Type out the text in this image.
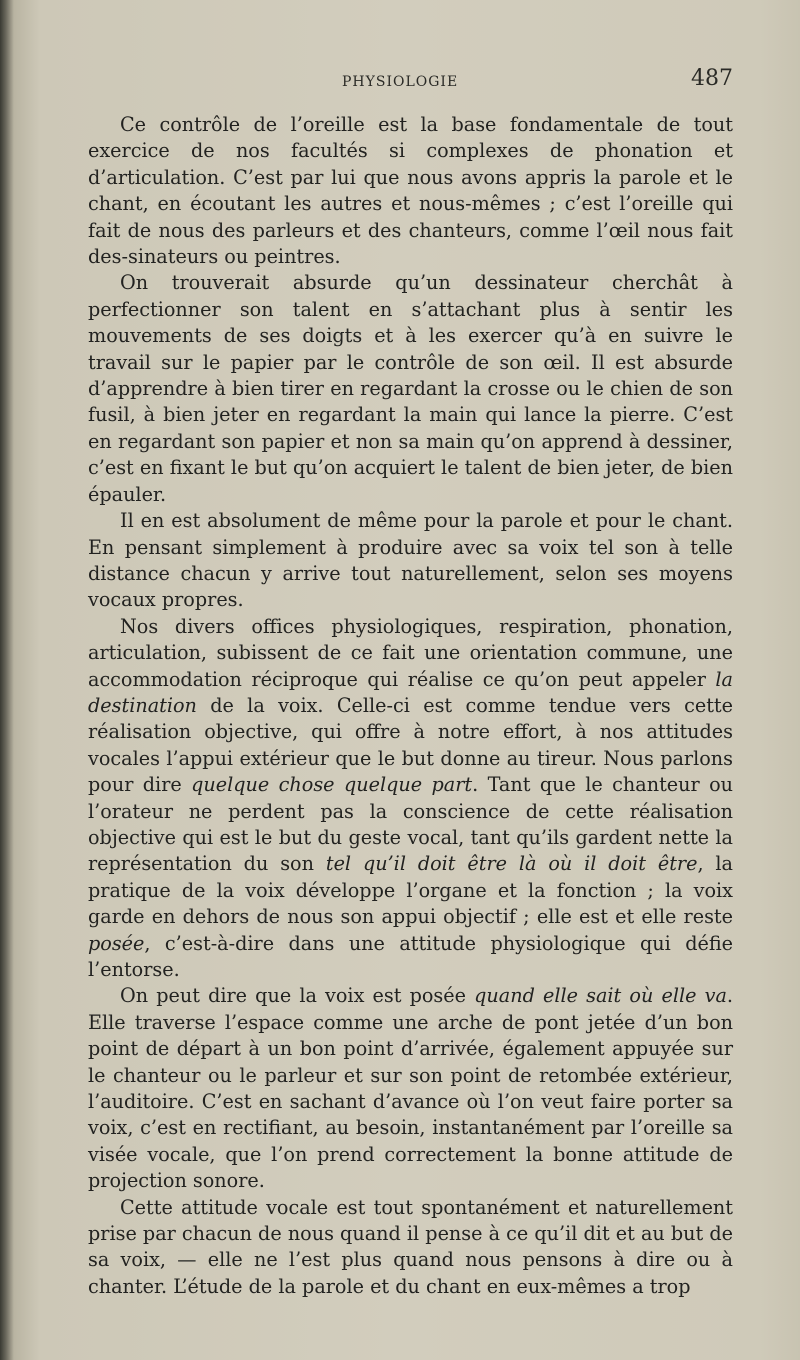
PHYSIOLOGIE	487

Ce contrôle de l’oreille est la base fondamentale de tout exercice de nos facultés si complexes de phonation et d’articulation. C’est par lui que nous avons appris la parole et le chant, en écoutant les autres et nous-mêmes ; c’est l’oreille qui fait de nous des parleurs et des chanteurs, comme l’œil nous fait des-sinateurs ou peintres.

On trouverait absurde qu’un dessinateur cherchât à perfectionner son talent en s’attachant plus à sentir les mouvements de ses doigts et à les exercer qu’à en suivre le travail sur le papier par le contrôle de son œil. Il est absurde d’apprendre à bien tirer en regardant la crosse ou le chien de son fusil, à bien jeter en regardant la main qui lance la pierre. C’est en regardant son papier et non sa main qu’on apprend à dessiner, c’est en fixant le but qu’on acquiert le talent de bien jeter, de bien épauler.

Il en est absolument de même pour la parole et pour le chant. En pensant simplement à produire avec sa voix tel son à telle distance chacun y arrive tout naturellement, selon ses moyens vocaux propres.

Nos divers offices physiologiques, respiration, phonation, articulation, subissent de ce fait une orientation commune, une accommodation réciproque qui réalise ce qu’on peut appeler la destination de la voix. Celle-ci est comme tendue vers cette réalisation objective, qui offre à notre effort, à nos attitudes vocales l’appui extérieur que le but donne au tireur. Nous parlons pour dire quelque chose quelque part. Tant que le chanteur ou l’orateur ne perdent pas la conscience de cette réalisation objective qui est le but du geste vocal, tant qu’ils gardent nette la représentation du son tel qu’il doit être là où il doit être, la pratique de la voix développe l’organe et la fonction ; la voix garde en dehors de nous son appui objectif ; elle est et elle reste posée, c’est-à-dire dans une attitude physiologique qui défie l’entorse.

On peut dire que la voix est posée quand elle sait où elle va. Elle traverse l’espace comme une arche de pont jetée d’un bon point de départ à un bon point d’arrivée, également appuyée sur le chanteur ou le parleur et sur son point de retombée extérieur, l’auditoire. C’est en sachant d’avance où l’on veut faire porter sa voix, c’est en rectifiant, au besoin, instantanément par l’oreille sa visée vocale, que l’on prend correctement la bonne attitude de projection sonore.

Cette attitude vocale est tout spontanément et naturellement prise par chacun de nous quand il pense à ce qu’il dit et au but de sa voix, — elle ne l’est plus quand nous pensons à dire ou à chanter. L’étude de la parole et du chant en eux-mêmes a trop
